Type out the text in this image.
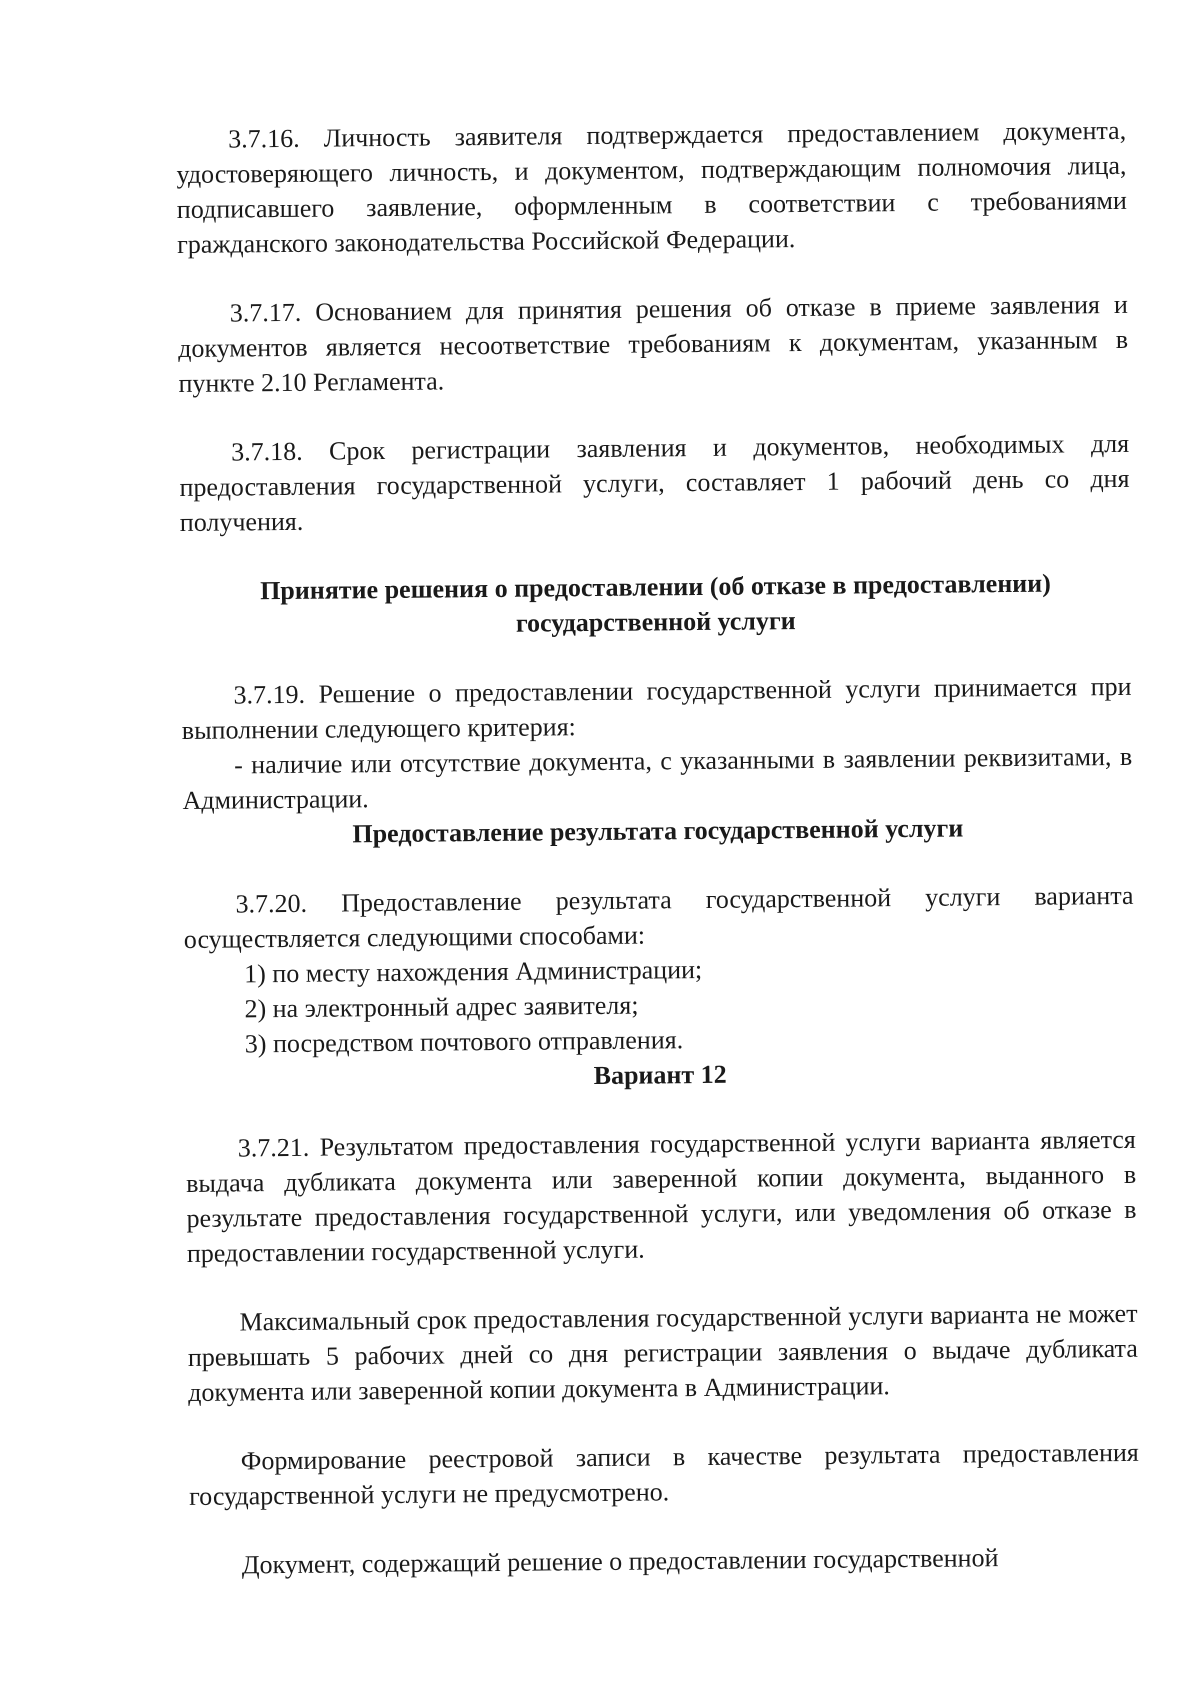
3.7.16. Личность заявителя подтверждается предоставлением документа, удостоверяющего личность, и документом, подтверждающим полномочия лица, подписавшего заявление, оформленным в соответствии с требованиями гражданского законодательства Российской Федерации.

3.7.17. Основанием для принятия решения об отказе в приеме заявления и документов является несоответствие требованиям к документам, указанным в пункте 2.10 Регламента.

3.7.18. Срок регистрации заявления и документов, необходимых для предоставления государственной услуги, составляет 1 рабочий день со дня получения.

Принятие решения о предоставлении (об отказе в предоставлении)

государственной услуги

3.7.19. Решение о предоставлении государственной услуги принимается при выполнении следующего критерия:

- наличие или отсутствие документа, с указанными в заявлении реквизитами, в Администрации.

Предоставление результата государственной услуги

3.7.20. Предоставление результата государственной услуги варианта осуществляется следующими способами:

1) по месту нахождения Администрации;
2) на электронный адрес заявителя;
3) посредством почтового отправления.

Вариант 12

3.7.21. Результатом предоставления государственной услуги варианта является выдача дубликата документа или заверенной копии документа, выданного в результате предоставления государственной услуги, или уведомления об отказе в предоставлении государственной услуги.

Максимальный срок предоставления государственной услуги варианта не может превышать 5 рабочих дней со дня регистрации заявления о выдаче дубликата документа или заверенной копии документа в Администрации.

Формирование реестровой записи в качестве результата предоставления государственной услуги не предусмотрено.

Документ, содержащий решение о предоставлении государственной
